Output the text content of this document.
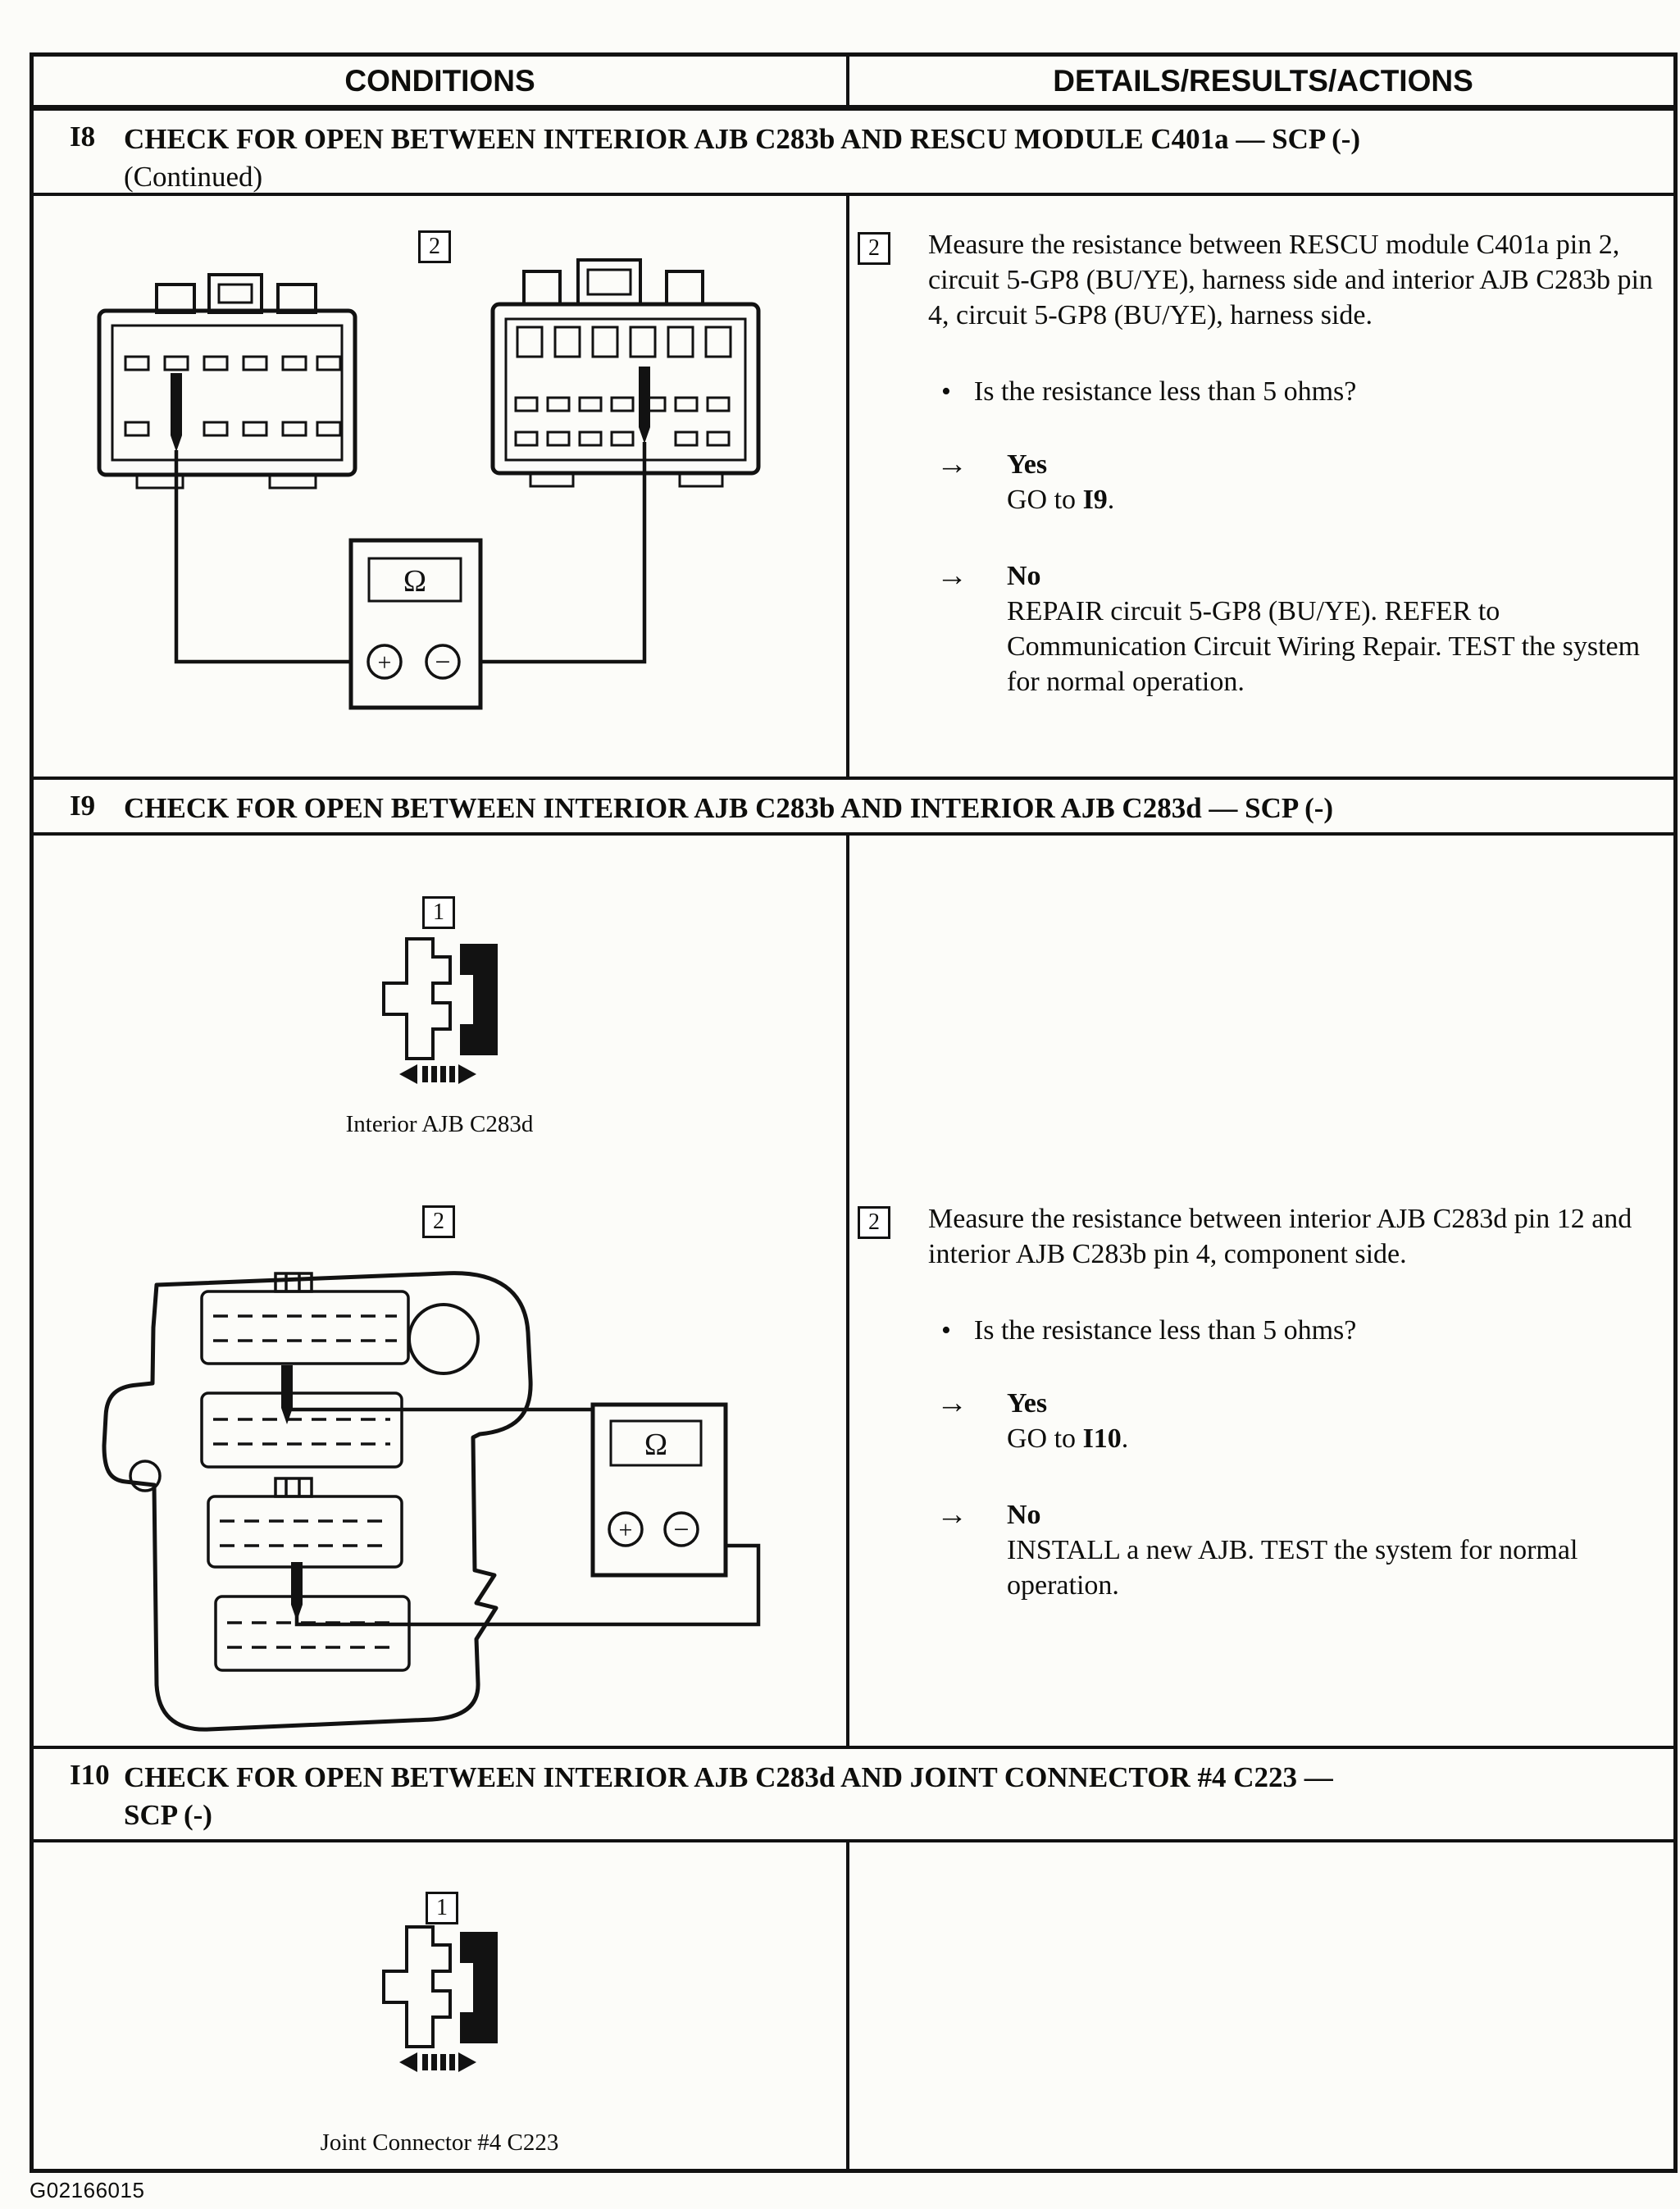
CONDITIONS	DETAILS/RESULTS/ACTIONS
I8 CHECK FOR OPEN BETWEEN INTERIOR AJB C283b AND RESCU MODULE C401a — SCP (-)
(Continued)
2
Ω
+ −
2 Measure the resistance between RESCU module C401a pin 2, circuit 5-GP8 (BU/YE), harness side and interior AJB C283b pin 4, circuit 5-GP8 (BU/YE), harness side.

• Is the resistance less than 5 ohms?
→	Yes
GO to I9.
→	No
REPAIR circuit 5-GP8 (BU/YE). REFER to Communication Circuit Wiring Repair. TEST the system for normal operation.
I9 CHECK FOR OPEN BETWEEN INTERIOR AJB C283b AND INTERIOR AJB C283d — SCP (-)
1
Interior AJB C283d
2
Ω
+ −
2 Measure the resistance between interior AJB C283d pin 12 and interior AJB C283b pin 4, component side.

• Is the resistance less than 5 ohms?
→	Yes
GO to I10.
→	No
INSTALL a new AJB. TEST the system for normal operation.
I10 CHECK FOR OPEN BETWEEN INTERIOR AJB C283d AND JOINT CONNECTOR #4 C223 — SCP (-)
1
Joint Connector #4 C223
G02166015
